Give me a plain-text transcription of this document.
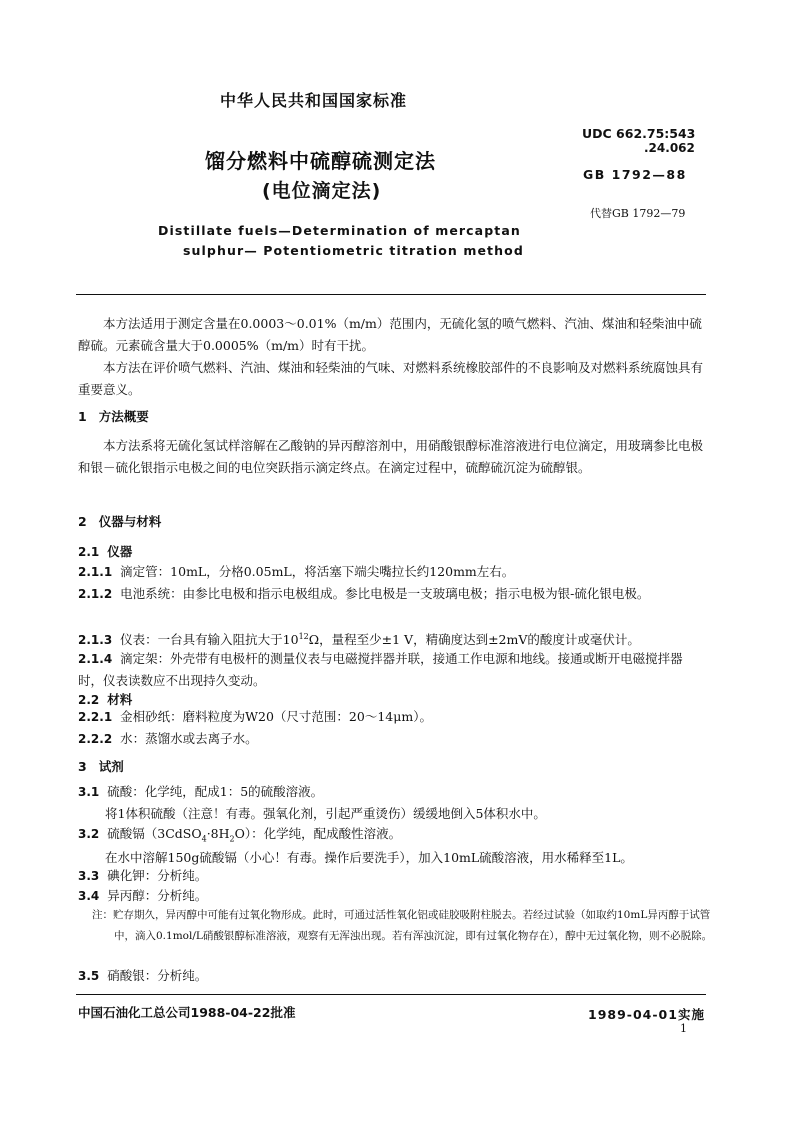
中华人民共和国国家标准
馏分燃料中硫醇硫测定法
(电位滴定法)
UDC 662.75:543
.24.062
GB 1792—88
代替GB 1792—79
Distillate fuels—Determination of mercaptan
sulphur— Potentiometric titration method
本方法适用于测定含量在0.0003～0.01%（m/m）范围内，无硫化氢的喷气燃料、汽油、煤油和轻柴油中硫醇硫。元素硫含量大于0.0005%（m/m）时有干扰。
本方法在评价喷气燃料、汽油、煤油和轻柴油的气味、对燃料系统橡胶部件的不良影响及对燃料系统腐蚀具有重要意义。
1 方法概要
本方法系将无硫化氢试样溶解在乙酸钠的异丙醇溶剂中，用硝酸银醇标准溶液进行电位滴定，用玻璃参比电极和银－硫化银指示电极之间的电位突跃指示滴定终点。在滴定过程中，硫醇硫沉淀为硫醇银。
2 仪器与材料
2.1 仪器
2.1.1 滴定管：10mL，分格0.05mL，将活塞下端尖嘴拉长约120mm左右。
2.1.2 电池系统：由参比电极和指示电极组成。参比电极是一支玻璃电极；指示电极为银-硫化银电极。
2.1.3 仪表：一台具有输入阻抗大于$10^{12}\Omega$，量程至少±1 V，精确度达到±2mV的酸度计或毫伏计。
2.1.4 滴定架：外壳带有电极杆的测量仪表与电磁搅拌器并联，接通工作电源和地线。接通或断开电磁搅拌器时，仪表读数应不出现持久变动。
2.2 材料
2.2.1 金相砂纸：磨料粒度为W20（尺寸范围：20～14μm）。
2.2.2 水：蒸馏水或去离子水。
3 试剂
3.1 硫酸：化学纯，配成1：5的硫酸溶液。
将1体积硫酸（注意！有毒。强氧化剂，引起严重烫伤）缓缓地倒入5体积水中。
3.2 硫酸镉$(3CdSO_4\cdot 8H_2O)$：化学纯，配成酸性溶液。
在水中溶解150g硫酸镉（小心！有毒。操作后要洗手），加入10mL硫酸溶液，用水稀释至1L。
3.3 碘化钾：分析纯。
3.4 异丙醇：分析纯。
注：贮存期久，异丙醇中可能有过氧化物形成。此时，可通过活性氧化铝或硅胶吸附柱脱去。若经过试验（如取约10mL异丙醇于试管中，滴入0.1mol/L硝酸银醇标准溶液，观察有无浑浊出现。若有浑浊沉淀，即有过氧化物存在），醇中无过氧化物，则不必脱除。
3.5 硝酸银：分析纯。
中国石油化工总公司1988-04-22批准	1989-04-01实施
1
